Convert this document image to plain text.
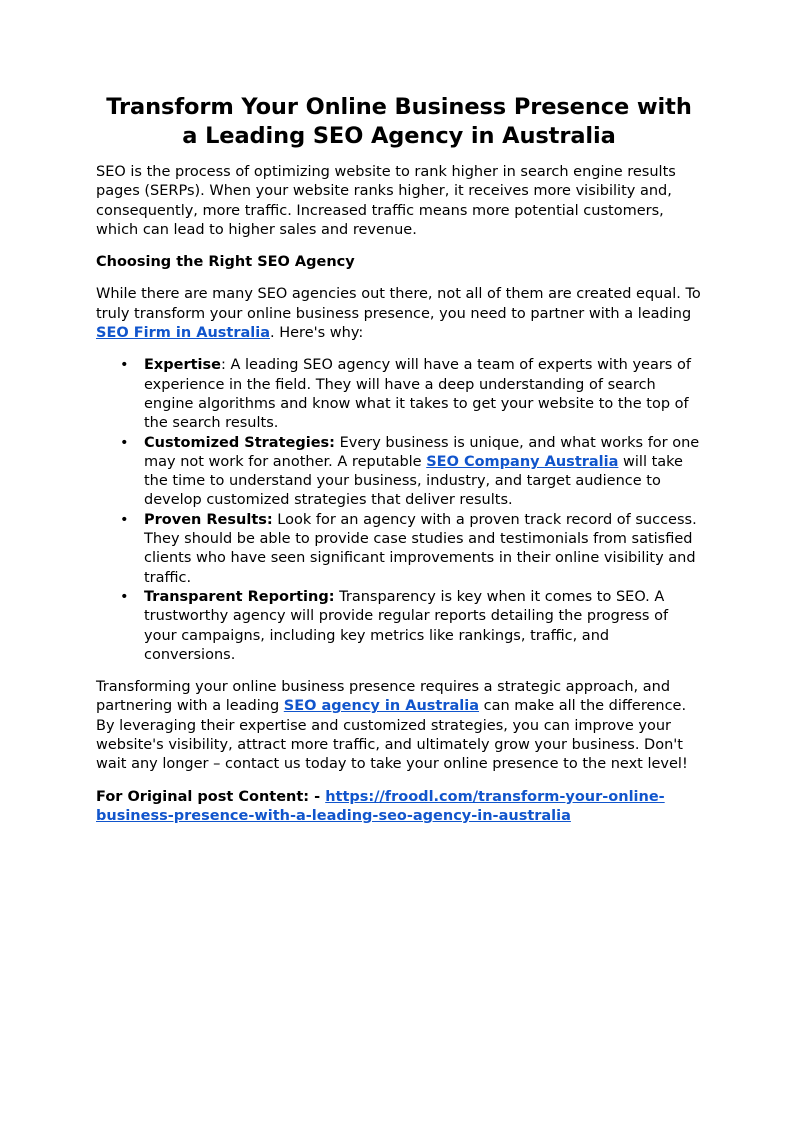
Transform Your Online Business Presence with a Leading SEO Agency in Australia

SEO is the process of optimizing website to rank higher in search engine results pages (SERPs). When your website ranks higher, it receives more visibility and, consequently, more traffic. Increased traffic means more potential customers, which can lead to higher sales and revenue.

Choosing the Right SEO Agency

While there are many SEO agencies out there, not all of them are created equal. To truly transform your online business presence, you need to partner with a leading SEO Firm in Australia. Here's why:

• Expertise: A leading SEO agency will have a team of experts with years of experience in the field. They will have a deep understanding of search engine algorithms and know what it takes to get your website to the top of the search results.
• Customized Strategies: Every business is unique, and what works for one may not work for another. A reputable SEO Company Australia will take the time to understand your business, industry, and target audience to develop customized strategies that deliver results.
• Proven Results: Look for an agency with a proven track record of success. They should be able to provide case studies and testimonials from satisfied clients who have seen significant improvements in their online visibility and traffic.
• Transparent Reporting: Transparency is key when it comes to SEO. A trustworthy agency will provide regular reports detailing the progress of your campaigns, including key metrics like rankings, traffic, and conversions.

Transforming your online business presence requires a strategic approach, and partnering with a leading SEO agency in Australia can make all the difference. By leveraging their expertise and customized strategies, you can improve your website's visibility, attract more traffic, and ultimately grow your business. Don't wait any longer – contact us today to take your online presence to the next level!

For Original post Content: - https://froodl.com/transform-your-online-business-presence-with-a-leading-seo-agency-in-australia
